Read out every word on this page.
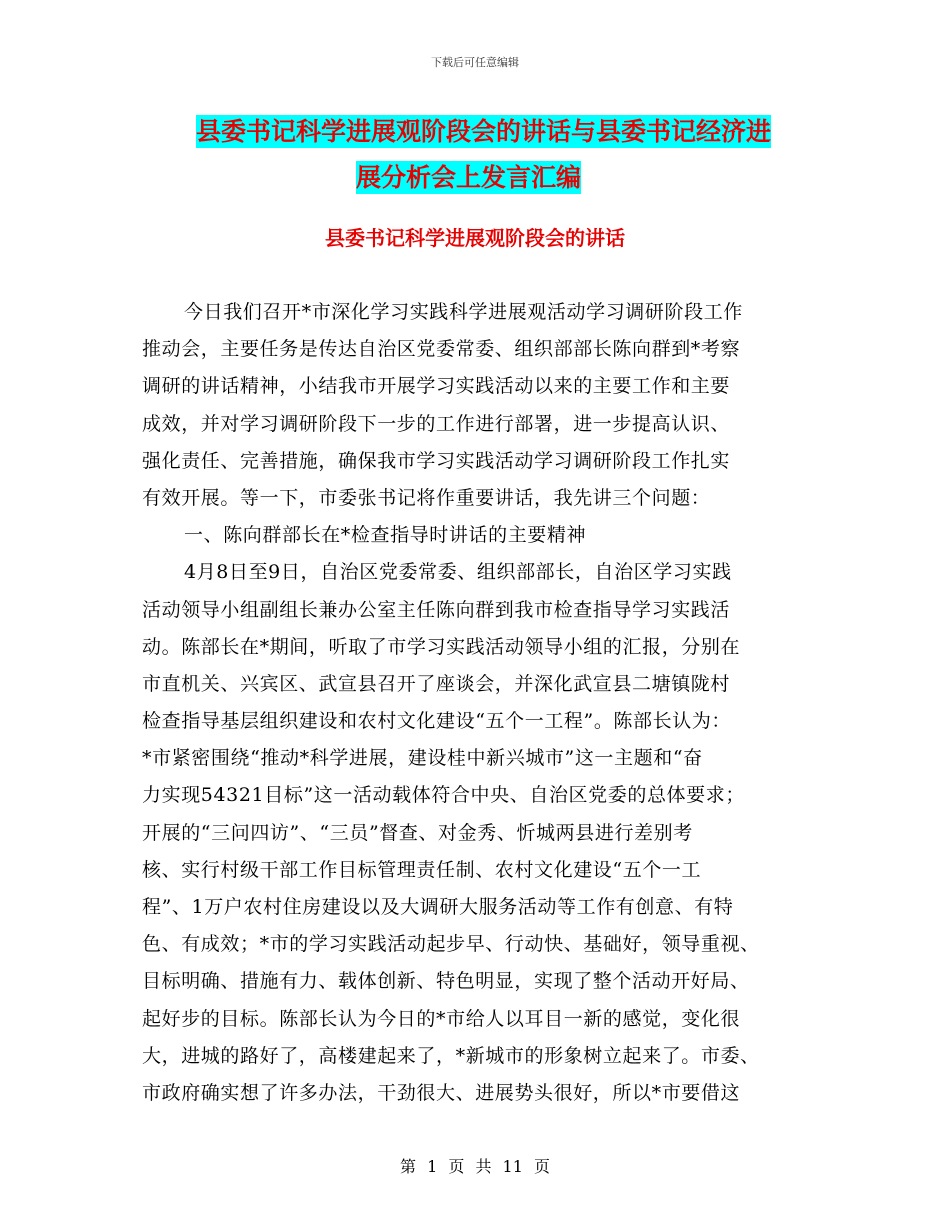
下载后可任意编辑
县委书记科学进展观阶段会的讲话与县委书记经济进
展分析会上发言汇编
县委书记科学进展观阶段会的讲话
今日我们召开*市深化学习实践科学进展观活动学习调研阶段工作
推动会，主要任务是传达自治区党委常委、组织部部长陈向群到*考察
调研的讲话精神，小结我市开展学习实践活动以来的主要工作和主要
成效，并对学习调研阶段下一步的工作进行部署，进一步提高认识、
强化责任、完善措施，确保我市学习实践活动学习调研阶段工作扎实
有效开展。等一下，市委张书记将作重要讲话，我先讲三个问题：
一、陈向群部长在*检查指导时讲话的主要精神
4月8日至9日，自治区党委常委、组织部部长，自治区学习实践
活动领导小组副组长兼办公室主任陈向群到我市检查指导学习实践活
动。陈部长在*期间，听取了市学习实践活动领导小组的汇报，分别在
市直机关、兴宾区、武宣县召开了座谈会，并深化武宣县二塘镇陇村
检查指导基层组织建设和农村文化建设“五个一工程”。陈部长认为：
*市紧密围绕“推动*科学进展，建设桂中新兴城市”这一主题和“奋
力实现54321目标”这一活动载体符合中央、自治区党委的总体要求；
开展的“三问四访”、“三员”督查、对金秀、忻城两县进行差别考
核、实行村级干部工作目标管理责任制、农村文化建设“五个一工
程”、1万户农村住房建设以及大调研大服务活动等工作有创意、有特
色、有成效；*市的学习实践活动起步早、行动快、基础好，领导重视、
目标明确、措施有力、载体创新、特色明显，实现了整个活动开好局、
起好步的目标。陈部长认为今日的*市给人以耳目一新的感觉，变化很
大，进城的路好了，高楼建起来了，*新城市的形象树立起来了。市委、
市政府确实想了许多办法，干劲很大、进展势头很好，所以*市要借这
第 1 页 共 11 页
